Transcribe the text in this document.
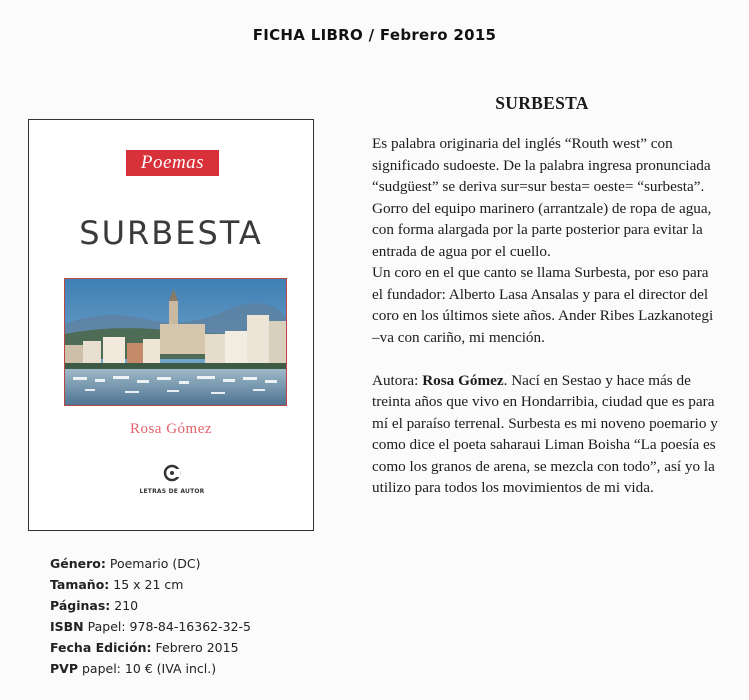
FICHA LIBRO / Febrero 2015
Poemas
SURBESTA
Rosa Gómez
LETRAS DE AUTOR
Género: Poemario (DC)
Tamaño: 15 x 21 cm
Páginas: 210
ISBN Papel: 978-84-16362-32-5
Fecha Edición: Febrero 2015
PVP papel: 10 € (IVA incl.)
SURBESTA

Es palabra originaria del inglés “Routh west” con significado sudoeste. De la palabra ingresa pronunciada “sudgüest” se deriva sur=sur besta= oeste= “surbesta”.

Gorro del equipo marinero (arrantzale) de ropa de agua, con forma alargada por la parte posterior para evitar la entrada de agua por el cuello.

Un coro en el que canto se llama Surbesta, por eso para el fundador: Alberto Lasa Ansalas y para el director del coro en los últimos siete años. Ander Ribes Lazkanotegi –va con cariño, mi mención.

Autora: Rosa Gómez. Nací en Sestao y hace más de treinta años que vivo en Hondarribia, ciudad que es para mí el paraíso terrenal. Surbesta es mi noveno poemario y como dice el poeta saharaui Liman Boisha “La poesía es como los granos de arena, se mezcla con todo”, así yo la utilizo para todos los movimientos de mi vida.
